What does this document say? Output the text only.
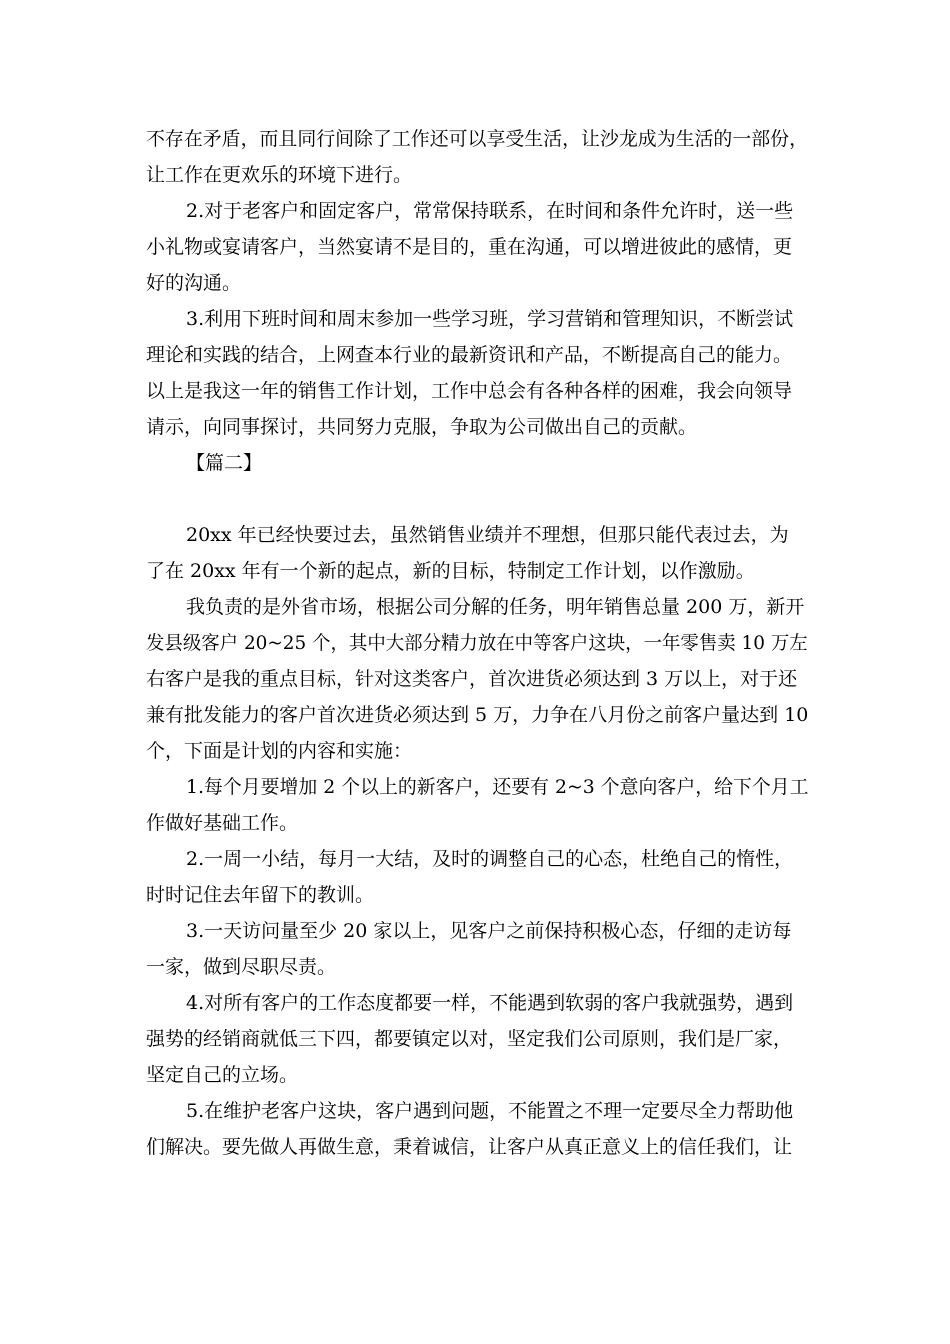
不存在矛盾，而且同行间除了工作还可以享受生活，让沙龙成为生活的一部份，
让工作在更欢乐的环境下进行。
2.对于老客户和固定客户，常常保持联系，在时间和条件允许时，送一些
小礼物或宴请客户，当然宴请不是目的，重在沟通，可以增进彼此的感情，更
好的沟通。
3.利用下班时间和周末参加一些学习班，学习营销和管理知识，不断尝试
理论和实践的结合，上网查本行业的最新资讯和产品，不断提高自己的能力。
以上是我这一年的销售工作计划，工作中总会有各种各样的困难，我会向领导
请示，向同事探讨，共同努力克服，争取为公司做出自己的贡献。
【篇二】
20xx 年已经快要过去，虽然销售业绩并不理想，但那只能代表过去，为
了在 20xx 年有一个新的起点，新的目标，特制定工作计划，以作激励。
我负责的是外省市场，根据公司分解的任务，明年销售总量 200 万，新开
发县级客户 20~25 个，其中大部分精力放在中等客户这块，一年零售卖 10 万左
右客户是我的重点目标，针对这类客户，首次进货必须达到 3 万以上，对于还
兼有批发能力的客户首次进货必须达到 5 万，力争在八月份之前客户量达到 10
个，下面是计划的内容和实施：
1.每个月要增加 2 个以上的新客户，还要有 2~3 个意向客户，给下个月工
作做好基础工作。
2.一周一小结，每月一大结，及时的调整自己的心态，杜绝自己的惰性，
时时记住去年留下的教训。
3.一天访问量至少 20 家以上，见客户之前保持积极心态，仔细的走访每
一家，做到尽职尽责。
4.对所有客户的工作态度都要一样，不能遇到软弱的客户我就强势，遇到
强势的经销商就低三下四，都要镇定以对，坚定我们公司原则，我们是厂家，
坚定自己的立场。
5.在维护老客户这块，客户遇到问题，不能置之不理一定要尽全力帮助他
们解决。要先做人再做生意，秉着诚信，让客户从真正意义上的信任我们，让
